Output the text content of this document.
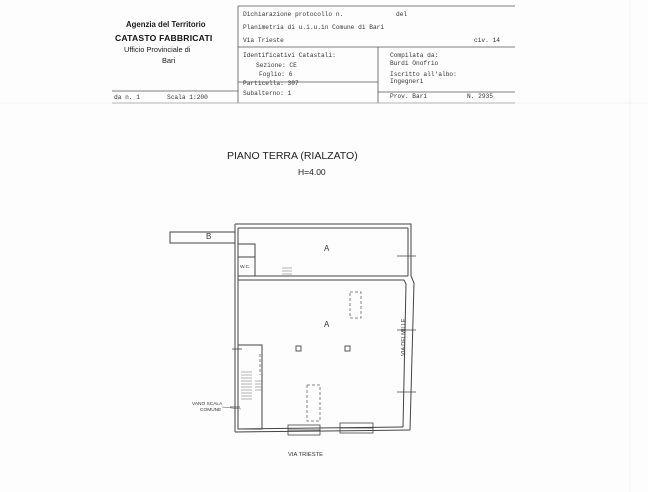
Agenzia del Territorio
CATASTO FABBRICATI
Ufficio Provinciale di
Bari
Dichiarazione protocollo n.	del
Planimetria di u.i.u.in Comune di Bari
Via Trieste	civ. 14
Identificativi Catastali:
Sezione: CE
Foglio: 6
Particella: 307
Subalterno: 1
Compilata da:
Burdi Onofrio
Iscritto all'albo:
Ingegneri
Prov. Bari	N. 2935
da n. 1	Scala 1:200
PIANO TERRA (RIALZATO)
H=4.00
B
A
A
W.C.
VANO SCALA
COMUNE
VIA DEI MILLE
VIA TRIESTE
